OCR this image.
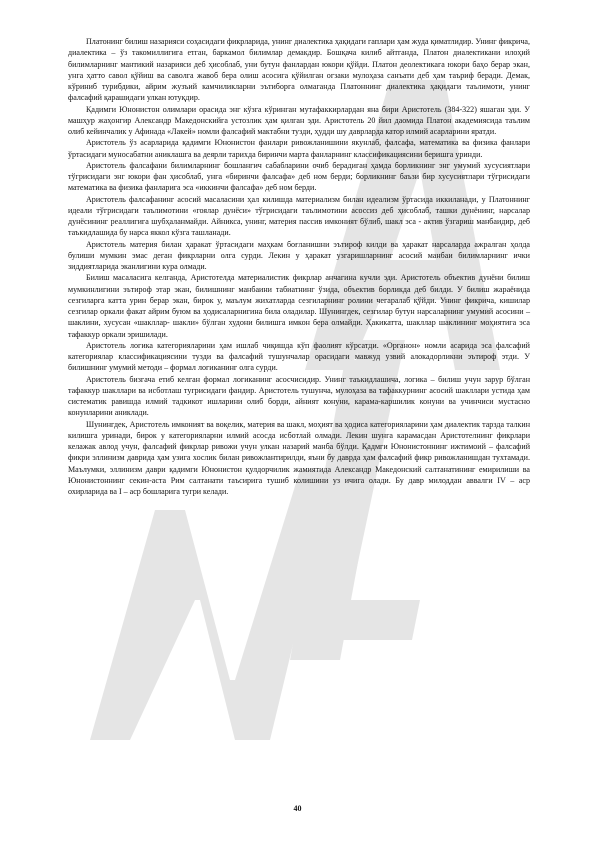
Платонинг билиш назарияси соҳасидаги фикрларида, унинг диалектика ҳақидаги гаплари ҳам жуда қиматлидир. Унинг фикрича, диалектика – ўз такомиллигига етган, баркамол билимлар демакдир. Бошқача килиб айтганда, Платон диалектикани илоҳий билимларнинг мантикий назарияси деб ҳисоблаб, уни бутун фанлардан юкори қўйди. Платон деолектикага юкори баҳо берар экан, унга ҳатто савол қўйиш ва саволга жавоб бера олиш асосига қўйилган огзаки мулоҳаза санъати деб ҳам таъриф беради. Демак, кўриниб турибдики, айрим жузъий камчиликларни эътиборга олмаганда Платоннинг диалектика ҳақидаги таълимоти, унинг фалсафий қарашидаги улкан ютуқдир.

Қадимги Юнонистон олимлари орасида энг кўзга кўринган мутафаккирлардан яна бири Аристотель (384-322) яшаган эди. У машҳур жаҳонгир Александр Македонскийга устозлик ҳам қилган эди. Аристотель 20 йил даомида Платон академиясида таълим олиб кейинчалик у Афинада «Лакей» номли фалсафий мактабни тузди, ҳудди шу даврларда катор илмий асарларини яратди.

Аристотель ўз асарларида қадимги Юнонистон фанлари ривожланишини якунлаб, фалсафа, математика ва физика фанлари ўртасидаги муносабатни аниклашга ва деярли тарихда биринчи марта фанларнинг классификациясини беришга уринди.

Аристотель фалсафани билимларнинг бошлангич сабабларини очиб берадиган ҳамда борликнинг энг умумий хусусиятлари тўгрисидаги энг юкори фан ҳисоблаб, унга «биринчи фалсафа» деб ном берди; борликнинг баъзи бир хусусиятлари тўгрисидаги математика ва физика фанларига эса «иккинчи фалсафа» деб ном берди.

Аристотель фалсафанинг асосий масаласини ҳал килишда материализм билан идеализм ўртасида иккиланади, у Платоннинг идеали тўгрисидаги таълимотини «гоялар дунёси» тўгрисидаги таълимотини асоссиз деб ҳисоблаб, ташки дунёнинг, нарсалар дунёсининг реаллигига шубҳаланмайди. Айникса, унинг, материя пассив имконият бўлиб, шакл эса - актив ўзгариш манбаидир, деб таъкидлашида бу нарса яккол кўзга ташланади.

Аристотель материя билан ҳаракат ўртасидаги маҳкам боғланишни эътироф килди ва ҳаракат нарсалардa ажралган ҳолда булиши мумкин эмас деган фикрларни олга сурди. Лекин у ҳаракат узгаришларнинг асосий манбаи билимларнинг ички зиддиятларида эканлигини кура олмади.

Билиш масаласига келганда, Аристотелда материалистик фикрлар анчагина кучли эди. Аристотель объектив дунёни билиш мумкинлигини эътироф этар экан, билишнинг манбаини табиатнинг ўзида, объектив борликда деб билди. У билиш жараёнида сезгиларга катта урин берар экан, бирок у, маълум жихатларда сезгиларнинг ролини чегаралаб қўйди. Унинг фикрича, кишилар сезгилар оркали факат айрим буюм ва ҳодисаларнигина била оладилар. Шунингдек, сезгилар бутун нарсаларнинг умумий асосини – шаклини, хусусан «шакллар- шакли» бўлган худони билишга имкон бера олмайди. Ҳакикатта, шакллар шаклининг моҳиятига эса тафаккур оркали эришилади.

Аристотель логика категорияларини ҳам ишлаб чиқишда кўп фаолият кўрсатди. «Органон» номли асарида эса фалсафий категориялар классификациясини тузди ва фалсафий тушунчалар орасидаги мавжуд узвий алокадорликни эътироф этди. У билишнинг умумий методи – формал логиканинг олга сурди.

Аристотель бизгача етиб келган формал логиканинг асосчисидир. Унинг таъкидлашича, логика – билиш учун зарур бўлган тафаккур шакллари ва исботлаш тугрисидаги фандир. Аристотель тушунча, мулоҳаза ва тафаккурнинг асосий шакллари устида ҳам систематик равишда илмий тадкикот ишларини олиб борди, айният конуни, карама-каршилик конуни ва учинчиси мустасно конунларини аниклади.

Шунингдек, Аристотель имконият ва воқелик, материя ва шакл, моҳият ва ҳодиса категорияларини ҳам диалектик тарзда талкин килишга уринади, бирок у категорияларни илмий асосда исботлай олмади. Лекин шунга карамасдан Аристотелнинг фикрлари келажак авлод учун, фалсафий фикрлар ривожи учун улкан назарий манба бўлди. Қадмги Юнонистоннинг ижтимоий – фалсафий фикри эллинизм даврида ҳам узига хослик билан ривожлантирилди, яъни бу даврда ҳам фалсафий фикр ривожланишдан тухтамади. Маълумки, эллинизм даври қадимги Юнонистон қулдорчилик жамиятида Александр Македонский салтанатининг емирилиши ва Юнонистоннинг секин-аста Рим салтанати таъсирига тушиб колишини уз ичига олади. Бу давр милоддан аввалги IV – аср охирларида ва I – аср бошларига тугри келади.

40
